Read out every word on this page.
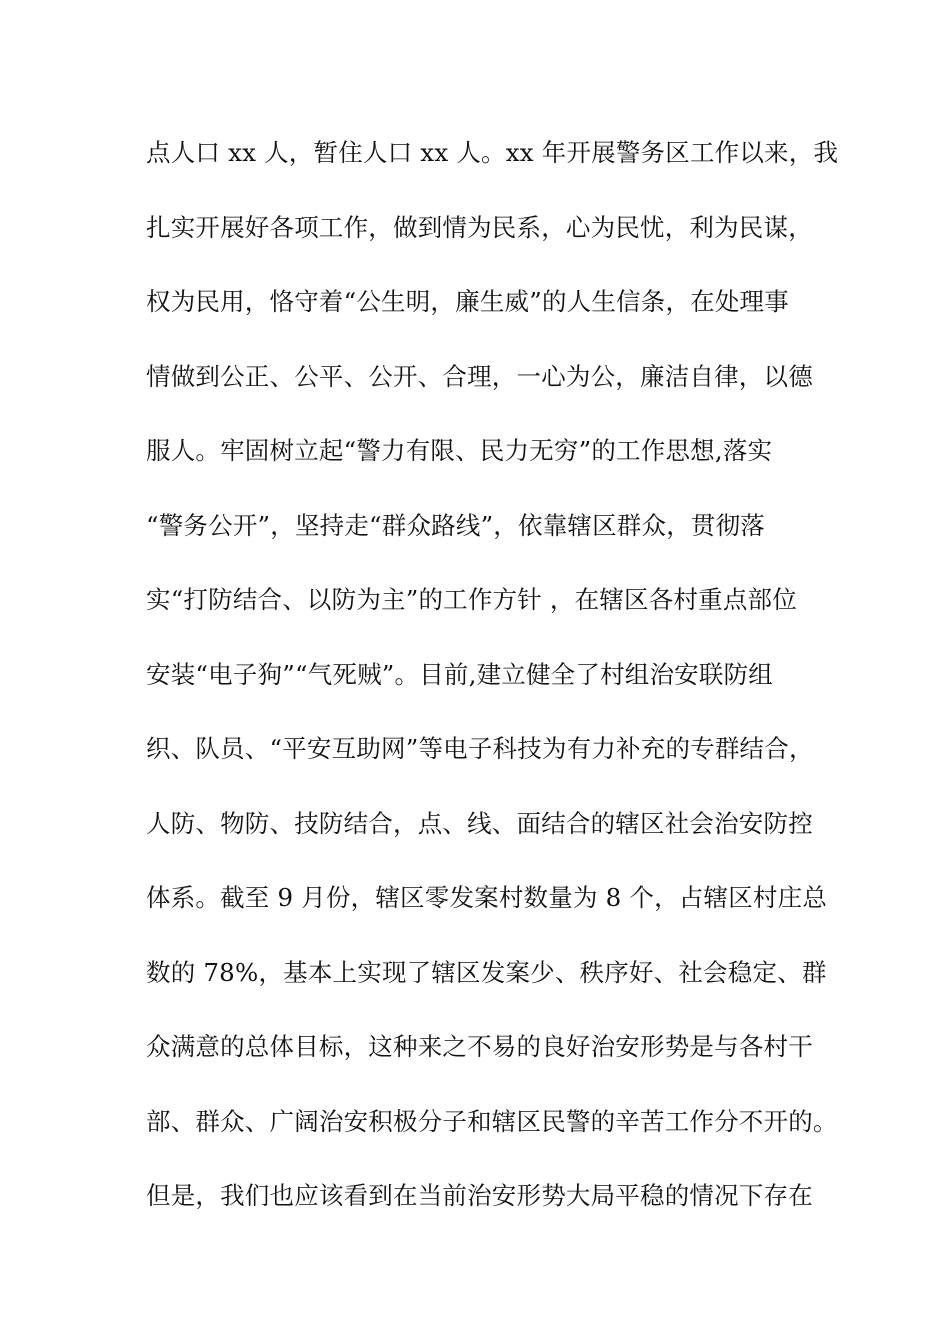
点人口 xx 人，暂住人口 xx 人。xx 年开展警务区工作以来，我
扎实开展好各项工作，做到情为民系，心为民忧，利为民谋，
权为民用，恪守着“公生明，廉生威”的人生信条，在处理事
情做到公正、公平、公开、合理，一心为公，廉洁自律，以德
服人。牢固树立起“警力有限、民力无穷”的工作思想,落实
“警务公开”，坚持走“群众路线”，依靠辖区群众，贯彻落
实“打防结合、以防为主”的工作方针 ，在辖区各村重点部位
安装“电子狗”“气死贼”。目前,建立健全了村组治安联防组
织、队员、“平安互助网”等电子科技为有力补充的专群结合，
人防、物防、技防结合，点、线、面结合的辖区社会治安防控
体系。截至 9 月份，辖区零发案村数量为 8 个，占辖区村庄总
数的 78%，基本上实现了辖区发案少、秩序好、社会稳定、群
众满意的总体目标，这种来之不易的良好治安形势是与各村干
部、群众、广阔治安积极分子和辖区民警的辛苦工作分不开的。
但是，我们也应该看到在当前治安形势大局平稳的情况下存在
